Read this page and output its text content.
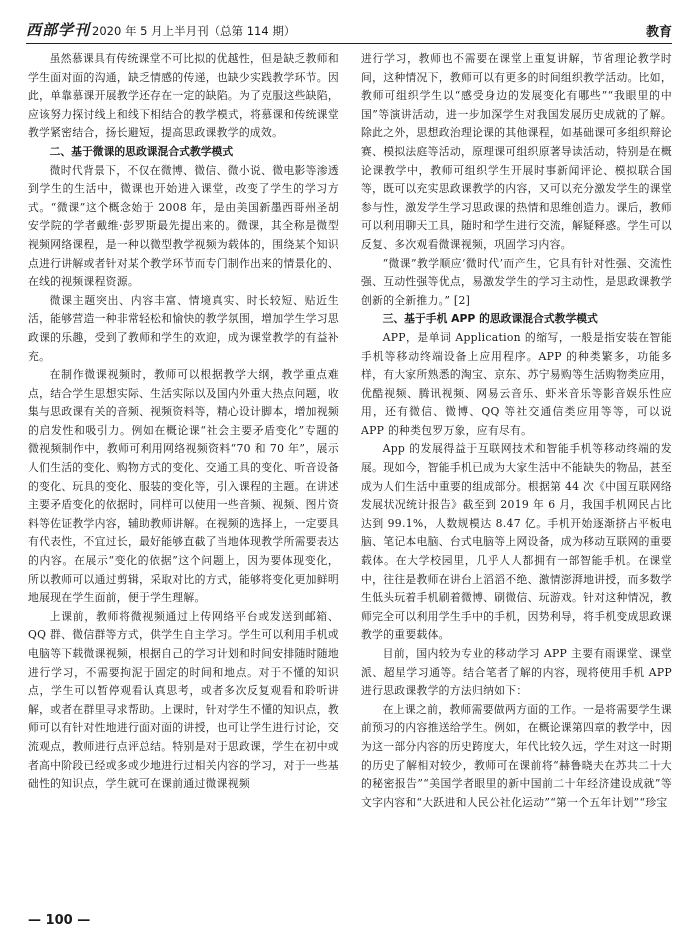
西部学刊 2020 年 5 月上半月刊（总第 114 期）	教育

虽然慕课具有传统课堂不可比拟的优越性，但是缺乏教师和学生面对面的沟通，缺乏情感的传递，也缺少实践教学环节。因此，单靠慕课开展教学还存在一定的缺陷。为了克服这些缺陷，应该努力探讨线上和线下相结合的教学模式，将慕课和传统课堂教学紧密结合，扬长避短，提高思政课教学的成效。

二、基于微课的思政课混合式教学模式

微时代背景下，不仅在微博、微信、微小说、微电影等渗透到学生的生活中，微课也开始进入课堂，改变了学生的学习方式。“微课”这个概念始于 2008 年，是由美国新墨西哥州圣胡安学院的学者戴维·彭罗斯最先提出来的。微课，其全称是微型视频网络课程，是一种以微型教学视频为载体的，围绕某个知识点进行讲解或者针对某个教学环节而专门制作出来的情景化的、在线的视频课程资源。

微课主题突出、内容丰富、情境真实、时长较短、贴近生活，能够营造一种非常轻松和愉快的教学氛围，增加学生学习思政课的乐趣，受到了教师和学生的欢迎，成为课堂教学的有益补充。

在制作微课视频时，教师可以根据教学大纲，教学重点难点，结合学生思想实际、生活实际以及国内外重大热点问题，收集与思政课有关的音频、视频资料等，精心设计脚本，增加视频的启发性和吸引力。例如在概论课“社会主要矛盾变化”专题的微视频制作中，教师可利用网络视频资料“70 和 70 年”，展示人们生活的变化、购物方式的变化、交通工具的变化、听音设备的变化、玩具的变化、服装的变化等，引入课程的主题。在讲述主要矛盾变化的依据时，同样可以使用一些音频、视频、图片资料等佐证教学内容，辅助教师讲解。在视频的选择上，一定要具有代表性，不宜过长，最好能够直截了当地体现教学所需要表达的内容。在展示“变化的依据”这个问题上，因为要体现变化，所以教师可以通过剪辑，采取对比的方式，能够将变化更加鲜明地展现在学生面前，便于学生理解。

上课前，教师将微视频通过上传网络平台或发送到邮箱、QQ 群、微信群等方式，供学生自主学习。学生可以利用手机或电脑等下载微课视频，根据自己的学习计划和时间安排随时随地进行学习，不需要拘泥于固定的时间和地点。对于不懂的知识点，学生可以暂停观看认真思考，或者多次反复观看和聆听讲解，或者在群里寻求帮助。上课时，针对学生不懂的知识点，教师可以有针对性地进行面对面的讲授，也可让学生进行讨论，交流观点，教师进行点评总结。特别是对于思政课，学生在初中或者高中阶段已经或多或少地进行过相关内容的学习，对于一些基础性的知识点，学生就可在课前通过微课视频

进行学习，教师也不需要在课堂上重复讲解，节省理论教学时间，这种情况下，教师可以有更多的时间组织教学活动。比如，教师可组织学生以“感受身边的发展变化有哪些”“我眼里的中国”等演讲活动，进一步加深学生对我国发展历史成就的了解。除此之外，思想政治理论课的其他课程，如基础课可多组织辩论赛、模拟法庭等活动，原理课可组织原著导读活动，特别是在概论课教学中，教师可组织学生开展时事新闻评论、模拟联合国等，既可以充实思政课教学的内容，又可以充分激发学生的课堂参与性，激发学生学习思政课的热情和思维创造力。课后，教师可以利用聊天工具，随时和学生进行交流，解疑释惑。学生可以反复、多次观看微课视频，巩固学习内容。

“微课”教学顺应‘微时代’而产生，它具有针对性强、交流性强、互动性强等优点，易激发学生的学习主动性，是思政课教学创新的全新推力。” [2]

三、基于手机 APP 的思政课混合式教学模式

APP，是单词 Application 的缩写，一般是指安装在智能手机等移动终端设备上应用程序。APP 的种类繁多，功能多样，有大家所熟悉的淘宝、京东、苏宁易购等生活购物类应用，优酷视频、腾讯视频、网易云音乐、虾米音乐等影音娱乐性应用，还有微信、微博、QQ 等社交通信类应用等等，可以说 APP 的种类包罗万象，应有尽有。

App 的发展得益于互联网技术和智能手机等移动终端的发展。现如今，智能手机已成为大家生活中不能缺失的物品，甚至成为人们生活中重要的组成部分。根据第 44 次《中国互联网络发展状况统计报告》截至到 2019 年 6 月，我国手机网民占比达到 99.1%，人数规模达 8.47 亿。手机开始逐渐挤占平板电脑、笔记本电脑、台式电脑等上网设备，成为移动互联网的重要载体。在大学校园里，几乎人人都拥有一部智能手机。在课堂中，往往是教师在讲台上滔滔不绝、激情澎湃地讲授，而多数学生低头玩着手机刷着微博、刷微信、玩游戏。针对这种情况，教师完全可以利用学生手中的手机，因势利导，将手机变成思政课教学的重要载体。

目前，国内较为专业的移动学习 APP 主要有雨课堂、课堂派、超星学习通等。结合笔者了解的内容，现将使用手机 APP 进行思政课教学的方法归纳如下：

在上课之前，教师需要做两方面的工作。一是将需要学生课前预习的内容推送给学生。例如，在概论课第四章的教学中，因为这一部分内容的历史跨度大，年代比较久远，学生对这一时期的历史了解相对较少，教师可在课前将“赫鲁晓夫在苏共二十大的秘密报告”“美国学者眼里的新中国前二十年经济建设成就”等文字内容和“大跃进和人民公社化运动”“第一个五年计划”“珍宝

— 100 —
